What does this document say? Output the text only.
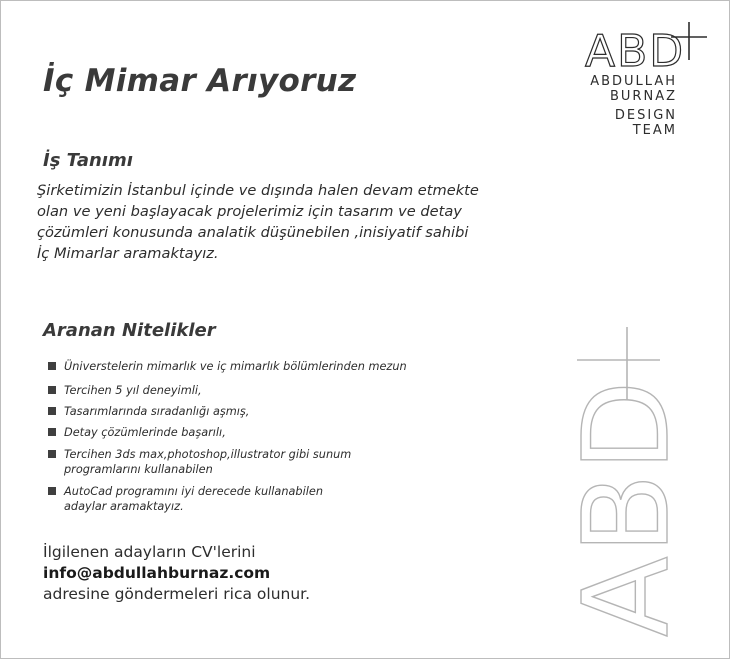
ABD
ABDULLAH
BURNAZ
DESIGN
TEAM
İç Mimar Arıyoruz
İş Tanımı

Şirketimizin İstanbul içinde ve dışında halen devam etmekte

olan ve yeni başlayacak projelerimiz için tasarım ve detay

çözümleri konusunda analatik düşünebilen ,inisiyatif sahibi

İç Mimarlar aramaktayız.

Aranan Nitelikler
Üniverstelerin mimarlık ve iç mimarlık bölümlerinden mezun
Tercihen 5 yıl deneyimli,
Tasarımlarında sıradanlığı aşmış,
Detay çözümlerinde başarılı,
Tercihen 3ds max,photoshop,illustrator gibi sunum
programlarını kullanabilen
AutoCad programını iyi derecede kullanabilen
adaylar aramaktayız.
İlgilenen adayların CV'lerini
info@abdullahburnaz.com
adresine göndermeleri rica olunur. ABD
